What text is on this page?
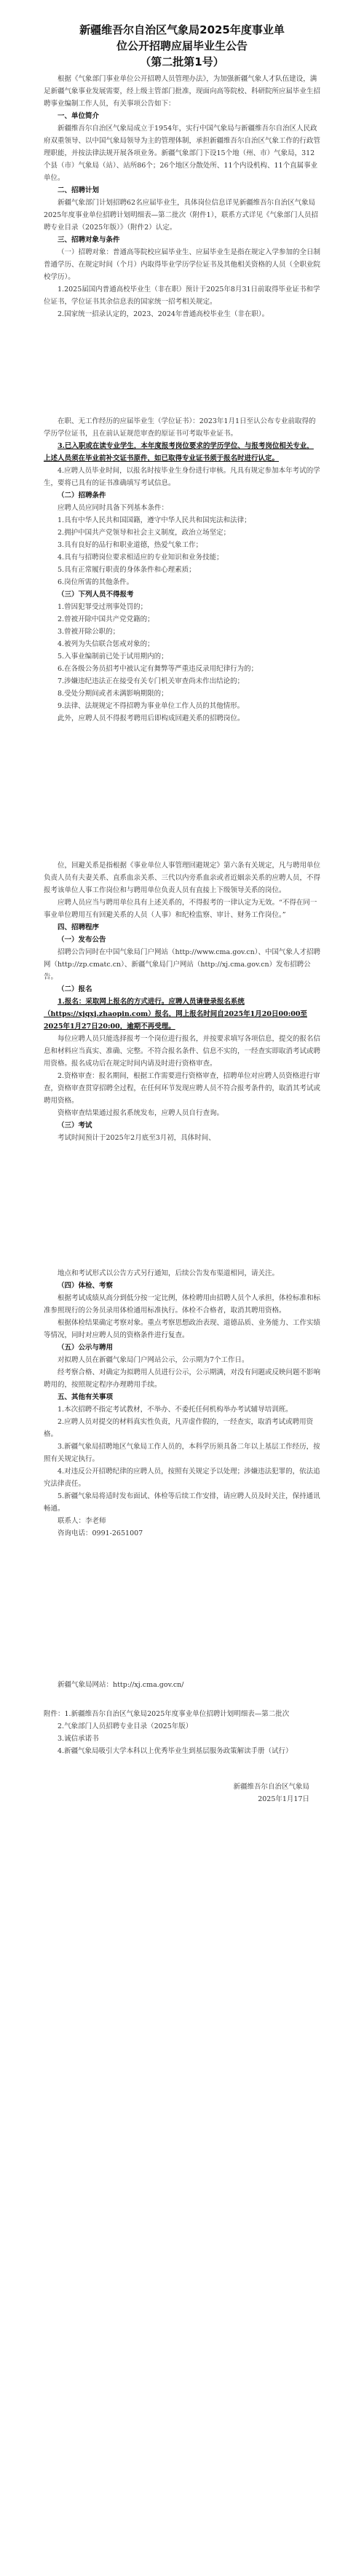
新疆维吾尔自治区气象局2025年度事业单
位公开招聘应届毕业生公告
（第二批第1号）

根据《气象部门事业单位公开招聘人员管理办法》，为加强新疆气象人才队伍建设，满足新疆气象事业发展需要，经上级主管部门批准，现面向高等院校、科研院所应届毕业生招聘事业编制工作人员，有关事项公告如下：

一、单位简介

新疆维吾尔自治区气象局成立于1954年，实行中国气象局与新疆维吾尔自治区人民政府双重领导、以中国气象局领导为主的管理体制，承担新疆维吾尔自治区气象工作的行政管理职能，并按法律法规开展各项业务。新疆气象部门下设15个地（州、市）气象局，312个县（市）气象局（站）、站所86个；26个地区分散处所、11个内设机构、11个直属事业单位。

二、招聘计划

新疆气象部门计划招聘62名应届毕业生，具体岗位信息详见新疆维吾尔自治区气象局2025年度事业单位招聘计划明细表—第二批次（附件1），联系方式详见《气象部门人员招聘专业目录（2025年版）》（附件2）认定。

三、招聘对象与条件

（一）招聘对象：普通高等院校应届毕业生、应届毕业生是指在规定入学参加的全日制普通学历、在规定时间（个月）内取得毕业学历学位证书及其他相关资格的人员（全职业院校学历）。

1.2025届国内普通高校毕业生（非在职）预计于2025年8月31日前取得毕业证书和学位证书，学位证书其余信息表的国家统一招考相关规定。

2.国家统一招录认定的，2023、2024年普通高校毕业生（非在职）。

在职、无工作经历的应届毕业生（学位证书）：2023年1月1日至认公布专业前取得的学历学位证书，且在前认证规范审查的原证书可考取毕业证书。

3.已入职或在读专业学生，本年度报考岗位要求的学历学位、与报考岗位相关专业，上述人员须在毕业前补交证书原件，如已取得专业证书须于报名时进行认定。

4.应聘人员毕业时间，以报名时按毕业生身份进行审核。凡具有规定参加本年考试的学生，要将已具有的证书准确填写考试信息。

（二）招聘条件

应聘人员应同时具备下列基本条件：

1.具有中华人民共和国国籍，遵守中华人民共和国宪法和法律；

2.拥护中国共产党领导和社会主义制度，政治立场坚定；

3.具有良好的品行和职业道德，热爱气象工作；

4.具有与招聘岗位要求相适应的专业知识和业务技能；

5.具有正常履行职责的身体条件和心理素质；

6.岗位所需的其他条件。

（三）下列人员不得报考

1.曾因犯罪受过刑事处罚的；

2.曾被开除中国共产党党籍的；

3.曾被开除公职的；

4.被列为失信联合惩戒对象的；

5.入事业编制前已处于试用期内的；

6.在各级公务员招考中被认定有舞弊等严重违反录用纪律行为的；

7.涉嫌违纪违法正在接受有关专门机关审查尚未作出结论的；

8.受处分期间或者未满影响期限的；

9.法律、法规规定不得招聘为事业单位工作人员的其他情形。

此外，应聘人员不得报考聘用后即构成回避关系的招聘岗位。

位，回避关系是指根据《事业单位人事管理回避规定》第六条有关规定，凡与聘用单位负责人员有夫妻关系、直系血亲关系、三代以内旁系血亲或者近姻亲关系的应聘人员，不得报考该单位人事工作岗位和与聘用单位负责人员有直接上下级领导关系的岗位。

应聘人员应当与聘用单位具有上述关系的，不得报考的一律认定为无效。“不得在同一事业单位聘用互有回避关系的人员（人事）和纪检监察、审计、财务工作岗位。”

四、招聘程序

（一）发布公告

招聘公告同时在中国气象局门户网站（http://www.cma.gov.cn）、中国气象人才招聘网（http://zp.cmatc.cn）、新疆气象局门户网站（http://xj.cma.gov.cn）发布招聘公告。

（二）报名

1.报名：采取网上报名的方式进行。应聘人员请登录报名系统（https://xjqxj.zhaopin.com）报名，网上报名时间自2025年1月20日00:00至2025年1月27日20:00，逾期不再受理。

每位应聘人员只能选择报考一个岗位进行报名，并按要求填写各项信息，提交的报名信息和材料应当真实、准确、完整。不符合报名条件、信息不实的，一经查实即取消考试或聘用资格。报名成功后在规定时间内请及时进行资格审查。

2.资格审查：报名期间，根据工作需要进行资格审查，招聘单位对应聘人员资格进行审查，资格审查贯穿招聘全过程，在任何环节发现应聘人员不符合报考条件的，取消其考试或聘用资格。

资格审查结果通过报名系统发布，应聘人员自行查询。

（三）考试

考试时间预计于2025年2月底至3月初，具体时间、

地点和考试形式以公告方式另行通知，后续公告发布渠道相同，请关注。

（四）体检、考察

根据考试成绩从高分到低分按一定比例，体检聘用由招聘人员个人承担，体检标准和标准参照现行的公务员录用体检通用标准执行。体检不合格者，取消其聘用资格。

根据体检结果确定考察对象。重点考察思想政治表现、道德品质、业务能力、工作实绩等情况，同时对应聘人员的资格条件进行复查。

（五）公示与聘用

对拟聘人员在新疆气象局门户网站公示，公示期为7个工作日。

经考察合格、对确定为拟聘用人员进行公示，公示期满，对没有问题或反映问题不影响聘用的，按照规定程序办理聘用手续。

五、其他有关事项

1.本次招聘不指定考试教材，不举办、不委托任何机构举办考试辅导培训班。

2.应聘人员对提交的材料真实性负责，凡弄虚作假的，一经查实，取消考试或聘用资格。

3.新疆气象局招聘地区气象局工作人员的，本科学历须具备二年以上基层工作经历，按照有关规定执行。

4.对违反公开招聘纪律的应聘人员，按照有关规定予以处理；涉嫌违法犯罪的，依法追究法律责任。

5.新疆气象局将适时发布面试、体检等后续工作安排，请应聘人员及时关注，保持通讯畅通。

联系人：李老师

咨询电话：0991-2651007

新疆气象局网站：http://xj.cma.gov.cn/

附件：1.新疆维吾尔自治区气象局2025年度事业单位招聘计划明细表—第二批次

2.气象部门人员招聘专业目录（2025年版）

3.诚信承诺书

4.新疆气象局吸引大学本科以上优秀毕业生到基层服务政策解读手册（试行）

新疆维吾尔自治区气象局
2025年1月17日
